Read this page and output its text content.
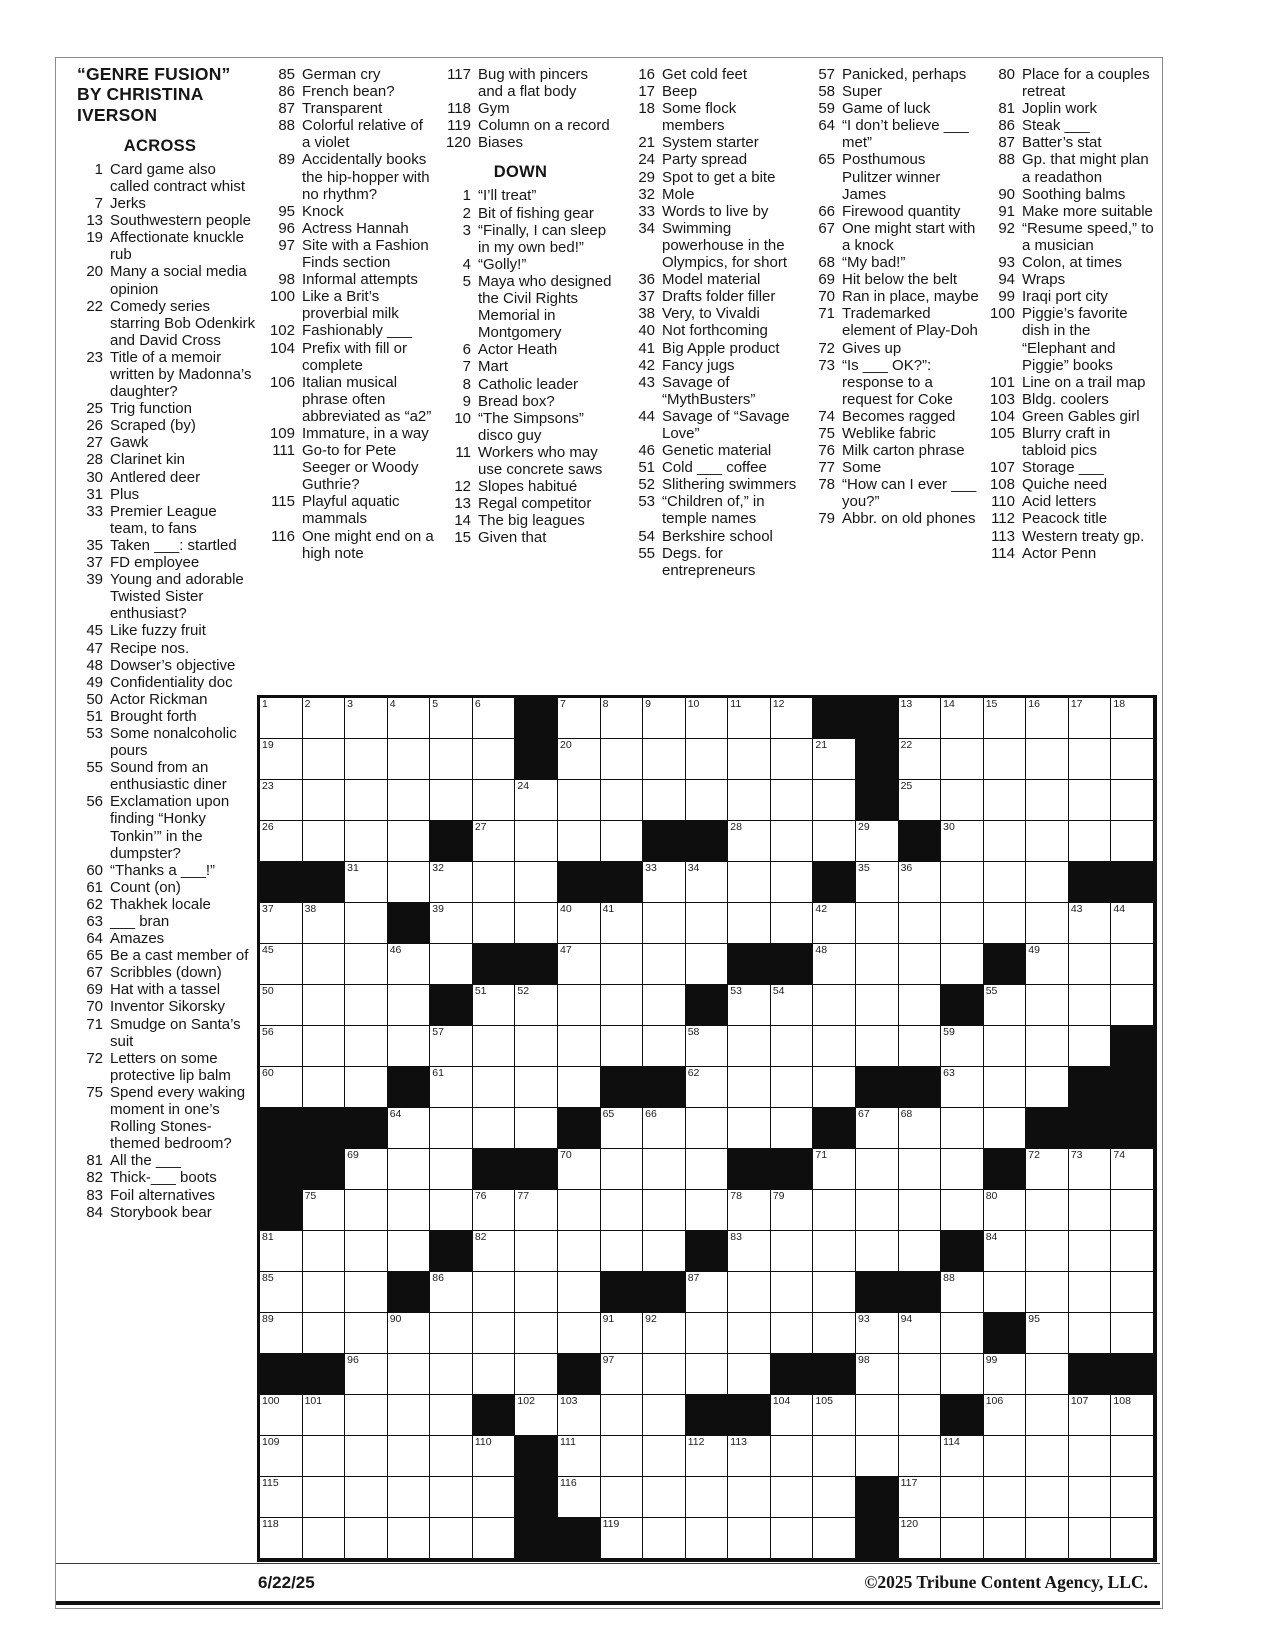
“GENRE FUSION”
BY CHRISTINA
IVERSON
ACROSS
1 Card game also called contract whist
7 Jerks
13 Southwestern people
19 Affectionate knuckle rub
20 Many a social media opinion
22 Comedy series starring Bob Odenkirk and David Cross
23 Title of a memoir written by Madonna’s daughter?
25 Trig function
26 Scraped (by)
27 Gawk
28 Clarinet kin
30 Antlered deer
31 Plus
33 Premier League team, to fans
35 Taken ___: startled
37 FD employee
39 Young and adorable Twisted Sister enthusiast?
45 Like fuzzy fruit
47 Recipe nos.
48 Dowser’s objective
49 Confidentiality doc
50 Actor Rickman
51 Brought forth
53 Some nonalcoholic pours
55 Sound from an enthusiastic diner
56 Exclamation upon finding “Honky Tonkin’” in the dumpster?
60 “Thanks a ___!”
61 Count (on)
62 Thakhek locale
63 ___ bran
64 Amazes
65 Be a cast member of
67 Scribbles (down)
69 Hat with a tassel
70 Inventor Sikorsky
71 Smudge on Santa’s suit
72 Letters on some protective lip balm
75 Spend every waking moment in one’s Rolling Stones-themed bedroom?
81 All the ___
82 Thick-___ boots
83 Foil alternatives
84 Storybook bear
85 German cry
86 French bean?
87 Transparent
88 Colorful relative of a violet
89 Accidentally books the hip-hopper with no rhythm?
95 Knock
96 Actress Hannah
97 Site with a Fashion Finds section
98 Informal attempts
100 Like a Brit’s proverbial milk
102 Fashionably ___
104 Prefix with fill or complete
106 Italian musical phrase often abbreviated as “a2”
109 Immature, in a way
111 Go-to for Pete Seeger or Woody Guthrie?
115 Playful aquatic mammals
116 One might end on a high note
117 Bug with pincers and a flat body
118 Gym
119 Column on a record
120 Biases
DOWN
1 “I’ll treat”
2 Bit of fishing gear
3 “Finally, I can sleep in my own bed!”
4 “Golly!”
5 Maya who designed the Civil Rights Memorial in Montgomery
6 Actor Heath
7 Mart
8 Catholic leader
9 Bread box?
10 “The Simpsons” disco guy
11 Workers who may use concrete saws
12 Slopes habitué
13 Regal competitor
14 The big leagues
15 Given that
16 Get cold feet
17 Beep
18 Some flock members
21 System starter
24 Party spread
29 Spot to get a bite
32 Mole
33 Words to live by
34 Swimming powerhouse in the Olympics, for short
36 Model material
37 Drafts folder filler
38 Very, to Vivaldi
40 Not forthcoming
41 Big Apple product
42 Fancy jugs
43 Savage of “MythBusters”
44 Savage of “Savage Love”
46 Genetic material
51 Cold ___ coffee
52 Slithering swimmers
53 “Children of,” in temple names
54 Berkshire school
55 Degs. for entrepreneurs
57 Panicked, perhaps
58 Super
59 Game of luck
64 “I don’t believe ___ met”
65 Posthumous Pulitzer winner James
66 Firewood quantity
67 One might start with a knock
68 “My bad!”
69 Hit below the belt
70 Ran in place, maybe
71 Trademarked element of Play-Doh
72 Gives up
73 “Is ___ OK?”: response to a request for Coke
74 Becomes ragged
75 Weblike fabric
76 Milk carton phrase
77 Some
78 “How can I ever ___ you?”
79 Abbr. on old phones
80 Place for a couples retreat
81 Joplin work
86 Steak ___
87 Batter’s stat
88 Gp. that might plan a readathon
90 Soothing balms
91 Make more suitable
92 “Resume speed,” to a musician
93 Colon, at times
94 Wraps
99 Iraqi port city
100 Piggie’s favorite dish in the “Elephant and Piggie” books
101 Line on a trail map
103 Bldg. coolers
104 Green Gables girl
105 Blurry craft in tabloid pics
107 Storage ___
108 Quiche need
110 Acid letters
112 Peacock title
113 Western treaty gp.
114 Actor Penn
1	2	3	4	5	6	7	8	9	10	11	12	13	14	15	16	17	18
19	20	21	22
23	24	25
26	27	28	29	30
31	32	33	34	35	36
37	38	39	40	41	42	43	44
45	46	47	48	49
50	51	52	53	54	55
56	57	58	59
60	61	62	63
64	65	66	67	68
69	70	71	72	73	74
75	76	77	78	79	80
81	82	83	84
85	86	87	88
89	90	91	92	93	94	95
96	97	98	99
100 101	102 103	104 105	106	107 108
109	110	111	112 113	114
115	116	117
118	119	120
6/22/25	©2025 Tribune Content Agency, LLC.
